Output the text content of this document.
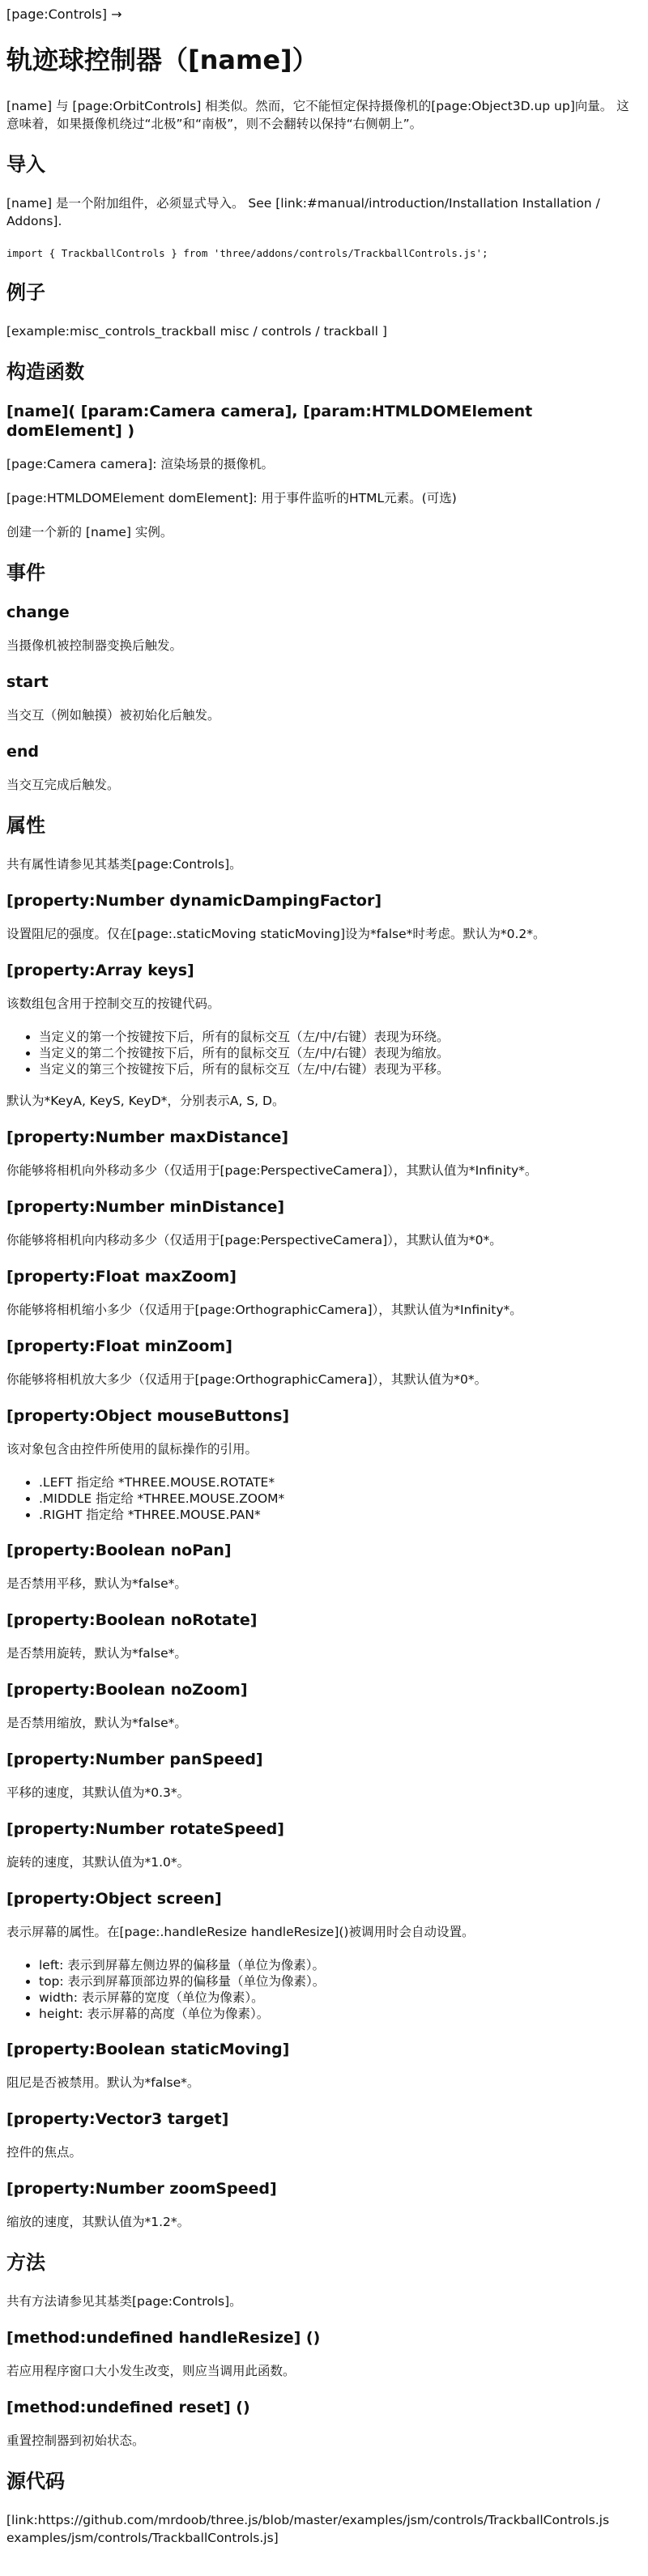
[page:Controls] →
轨迹球控制器（[name]）

[name] 与 [page:OrbitControls] 相类似。然而，它不能恒定保持摄像机的[page:Object3D.up up]向量。 这意味着，如果摄像机绕过“北极”和“南极”，则不会翻转以保持“右侧朝上”。

导入

[name] 是一个附加组件，必须显式导入。 See [link:#manual/introduction/Installation Installation / Addons].

import { TrackballControls } from 'three/addons/controls/TrackballControls.js';
例子

[example:misc_controls_trackball misc / controls / trackball ]

构造函数
[name]( [param:Camera camera], [param:HTMLDOMElement domElement] )

[page:Camera camera]: 渲染场景的摄像机。

[page:HTMLDOMElement domElement]: 用于事件监听的HTML元素。(可选)

创建一个新的 [name] 实例。

事件
change

当摄像机被控制器变换后触发。

start

当交互（例如触摸）被初始化后触发。

end

当交互完成后触发。

属性

共有属性请参见其基类[page:Controls]。

[property:Number dynamicDampingFactor]

设置阻尼的强度。仅在[page:.staticMoving staticMoving]设为*false*时考虑。默认为*0.2*。

[property:Array keys]

该数组包含用于控制交互的按键代码。

• 当定义的第一个按键按下后，所有的鼠标交互（左/中/右键）表现为环绕。
• 当定义的第二个按键按下后，所有的鼠标交互（左/中/右键）表现为缩放。
• 当定义的第三个按键按下后，所有的鼠标交互（左/中/右键）表现为平移。

默认为*KeyA, KeyS, KeyD*，分别表示A, S, D。

[property:Number maxDistance]

你能够将相机向外移动多少（仅适用于[page:PerspectiveCamera]），其默认值为*Infinity*。

[property:Number minDistance]

你能够将相机向内移动多少（仅适用于[page:PerspectiveCamera]），其默认值为*0*。

[property:Float maxZoom]

你能够将相机缩小多少（仅适用于[page:OrthographicCamera]），其默认值为*Infinity*。

[property:Float minZoom]

你能够将相机放大多少（仅适用于[page:OrthographicCamera]），其默认值为*0*。

[property:Object mouseButtons]

该对象包含由控件所使用的鼠标操作的引用。

• .LEFT 指定给 *THREE.MOUSE.ROTATE*
• .MIDDLE 指定给 *THREE.MOUSE.ZOOM*
• .RIGHT 指定给 *THREE.MOUSE.PAN*
[property:Boolean noPan]

是否禁用平移，默认为*false*。

[property:Boolean noRotate]

是否禁用旋转，默认为*false*。

[property:Boolean noZoom]

是否禁用缩放，默认为*false*。

[property:Number panSpeed]

平移的速度，其默认值为*0.3*。

[property:Number rotateSpeed]

旋转的速度，其默认值为*1.0*。

[property:Object screen]

表示屏幕的属性。在[page:.handleResize handleResize]()被调用时会自动设置。

• left: 表示到屏幕左侧边界的偏移量（单位为像素）。
• top: 表示到屏幕顶部边界的偏移量（单位为像素）。
• width: 表示屏幕的宽度（单位为像素）。
• height: 表示屏幕的高度（单位为像素）。
[property:Boolean staticMoving]

阻尼是否被禁用。默认为*false*。

[property:Vector3 target]

控件的焦点。

[property:Number zoomSpeed]

缩放的速度，其默认值为*1.2*。

方法

共有方法请参见其基类[page:Controls]。

[method:undefined handleResize] ()

若应用程序窗口大小发生改变，则应当调用此函数。

[method:undefined reset] ()

重置控制器到初始状态。

源代码

[link:https://github.com/mrdoob/three.js/blob/master/examples/jsm/controls/TrackballControls.js examples/jsm/controls/TrackballControls.js]
